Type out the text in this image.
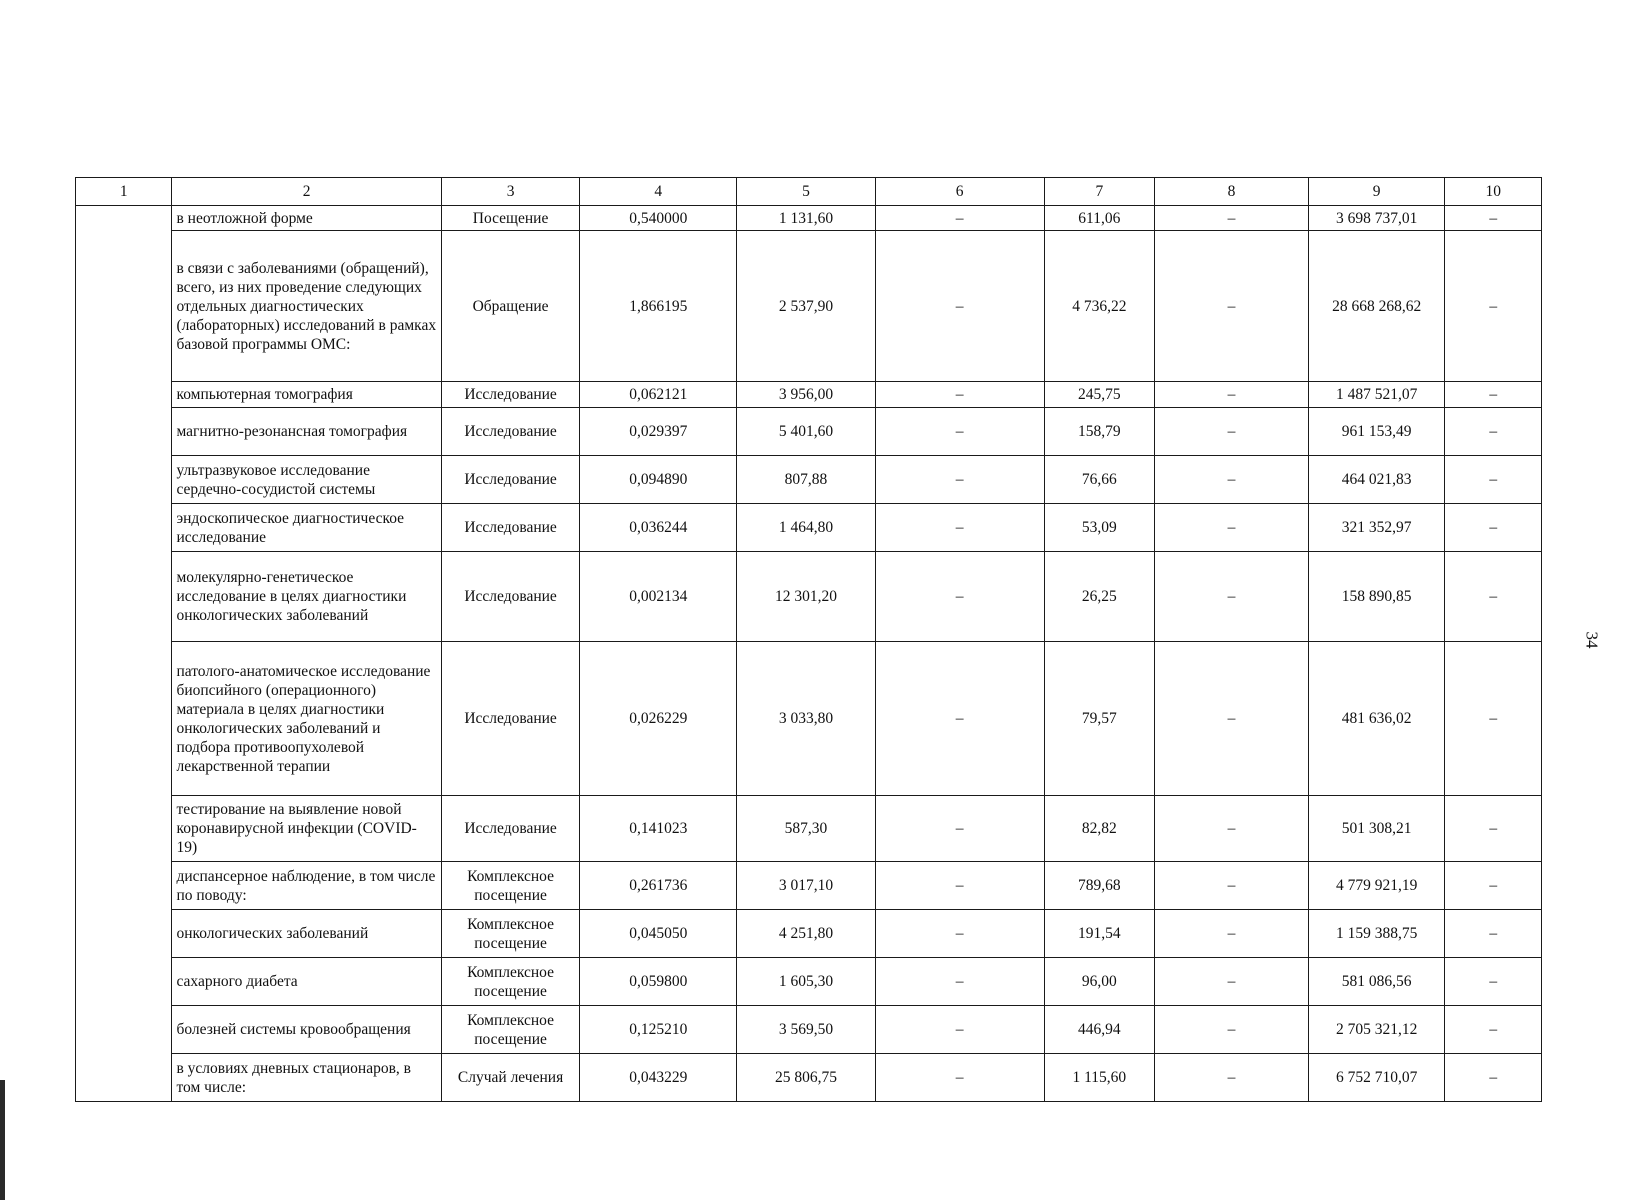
34
1	2	3	4	5	6	7	8	9	10
	в неотложной форме	Посещение	0,540000	1 131,60	–	611,06	–	3 698 737,01	–
	в связи с заболеваниями (обращений), всего, из них проведение следующих отдельных диагностических (лабораторных) исследований в рамках базовой программы ОМС:	Обращение	1,866195	2 537,90	–	4 736,22	–	28 668 268,62	–
	компьютерная томография	Исследование	0,062121	3 956,00	–	245,75	–	1 487 521,07	–
	магнитно-резонансная томография	Исследование	0,029397	5 401,60	–	158,79	–	961 153,49	–
	ультразвуковое исследование сердечно-сосудистой системы	Исследование	0,094890	807,88	–	76,66	–	464 021,83	–
	эндоскопическое диагностическое исследование	Исследование	0,036244	1 464,80	–	53,09	–	321 352,97	–
	молекулярно-генетическое исследование в целях диагностики онкологических заболеваний	Исследование	0,002134	12 301,20	–	26,25	–	158 890,85	–
	патолого-анатомическое исследование биопсийного (операционного) материала в целях диагностики онкологических заболеваний и подбора противоопухолевой лекарственной терапии	Исследование	0,026229	3 033,80	–	79,57	–	481 636,02	–
	тестирование на выявление новой коронавирусной инфекции (COVID-19)	Исследование	0,141023	587,30	–	82,82	–	501 308,21	–
	диспансерное наблюдение, в том числе по поводу:	Комплексное посещение	0,261736	3 017,10	–	789,68	–	4 779 921,19	–
	онкологических заболеваний	Комплексное посещение	0,045050	4 251,80	–	191,54	–	1 159 388,75	–
	сахарного диабета	Комплексное посещение	0,059800	1 605,30	–	96,00	–	581 086,56	–
	болезней системы кровообращения	Комплексное посещение	0,125210	3 569,50	–	446,94	–	2 705 321,12	–
	в условиях дневных стационаров, в том числе:	Случай лечения	0,043229	25 806,75	–	1 115,60	–	6 752 710,07	–
